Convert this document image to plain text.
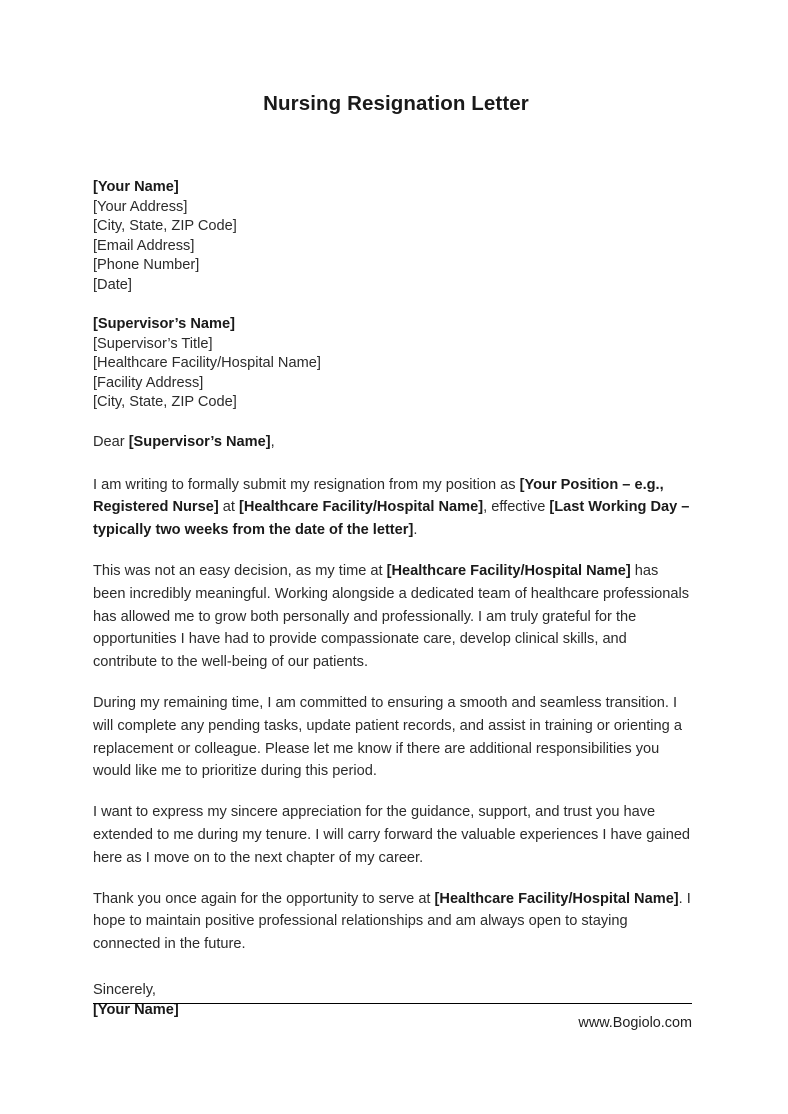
Nursing Resignation Letter
[Your Name]
[Your Address]
[City, State, ZIP Code]
[Email Address]
[Phone Number]
[Date]
[Supervisor’s Name]
[Supervisor’s Title]
[Healthcare Facility/Hospital Name]
[Facility Address]
[City, State, ZIP Code]
Dear [Supervisor’s Name],

I am writing to formally submit my resignation from my position as [Your Position – e.g., Registered Nurse] at [Healthcare Facility/Hospital Name], effective [Last Working Day – typically two weeks from the date of the letter].

This was not an easy decision, as my time at [Healthcare Facility/Hospital Name] has been incredibly meaningful. Working alongside a dedicated team of healthcare professionals has allowed me to grow both personally and professionally. I am truly grateful for the opportunities I have had to provide compassionate care, develop clinical skills, and contribute to the well-being of our patients.

During my remaining time, I am committed to ensuring a smooth and seamless transition. I will complete any pending tasks, update patient records, and assist in training or orienting a replacement or colleague. Please let me know if there are additional responsibilities you would like me to prioritize during this period.

I want to express my sincere appreciation for the guidance, support, and trust you have extended to me during my tenure. I will carry forward the valuable experiences I have gained here as I move on to the next chapter of my career.

Thank you once again for the opportunity to serve at [Healthcare Facility/Hospital Name]. I hope to maintain positive professional relationships and am always open to staying connected in the future.

Sincerely,
[Your Name]
www.Bogiolo.com
